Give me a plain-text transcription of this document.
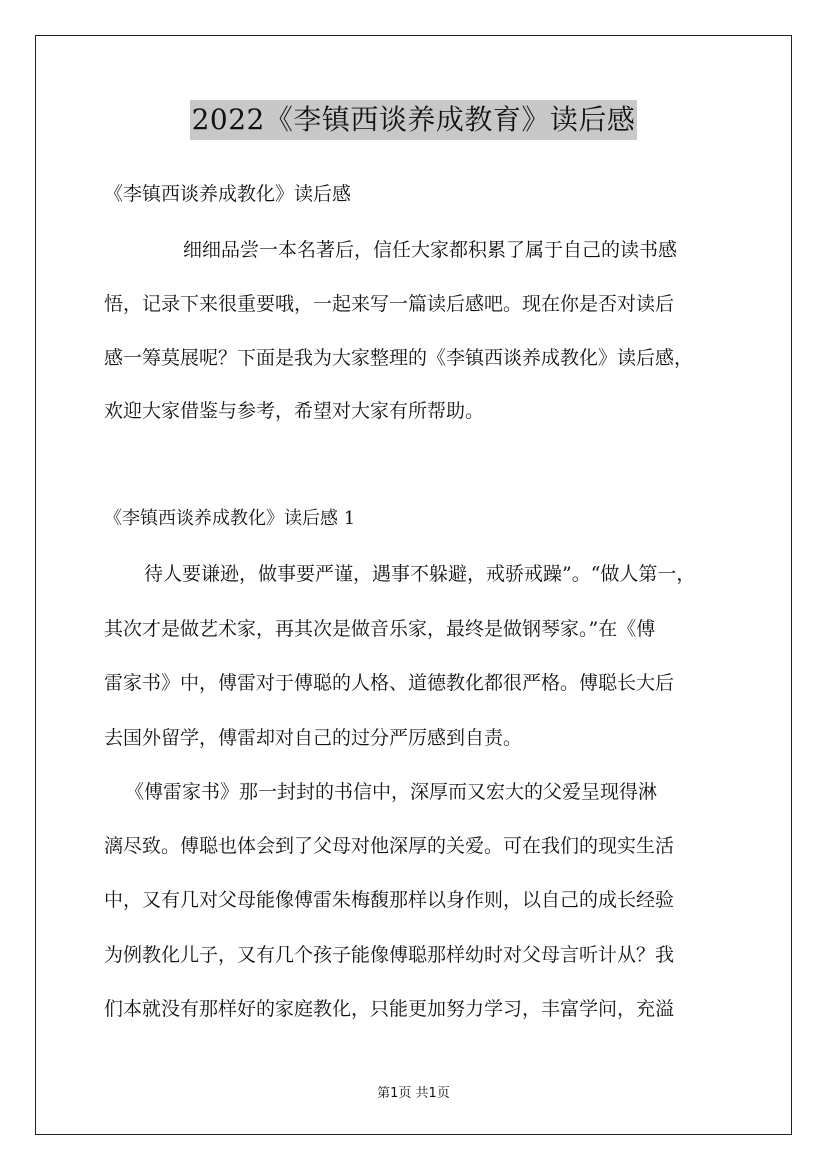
2022《李镇西谈养成教育》读后感
《李镇西谈养成教化》读后感
细细品尝一本名著后，信任大家都积累了属于自己的读书感
悟，记录下来很重要哦，一起来写一篇读后感吧。现在你是否对读后
感一筹莫展呢？下面是我为大家整理的《李镇西谈养成教化》读后感，
欢迎大家借鉴与参考，希望对大家有所帮助。
《李镇西谈养成教化》读后感 1
待人要谦逊，做事要严谨，遇事不躲避，戒骄戒躁”。“做人第一，
其次才是做艺术家，再其次是做音乐家，最终是做钢琴家。”在《傅
雷家书》中，傅雷对于傅聪的人格、道德教化都很严格。傅聪长大后
去国外留学，傅雷却对自己的过分严厉感到自责。
《傅雷家书》那一封封的书信中，深厚而又宏大的父爱呈现得淋
漓尽致。傅聪也体会到了父母对他深厚的关爱。可在我们的现实生活
中，又有几对父母能像傅雷朱梅馥那样以身作则，以自己的成长经验
为例教化儿子，又有几个孩子能像傅聪那样幼时对父母言听计从？我
们本就没有那样好的家庭教化，只能更加努力学习，丰富学问，充溢
第1页 共1页
